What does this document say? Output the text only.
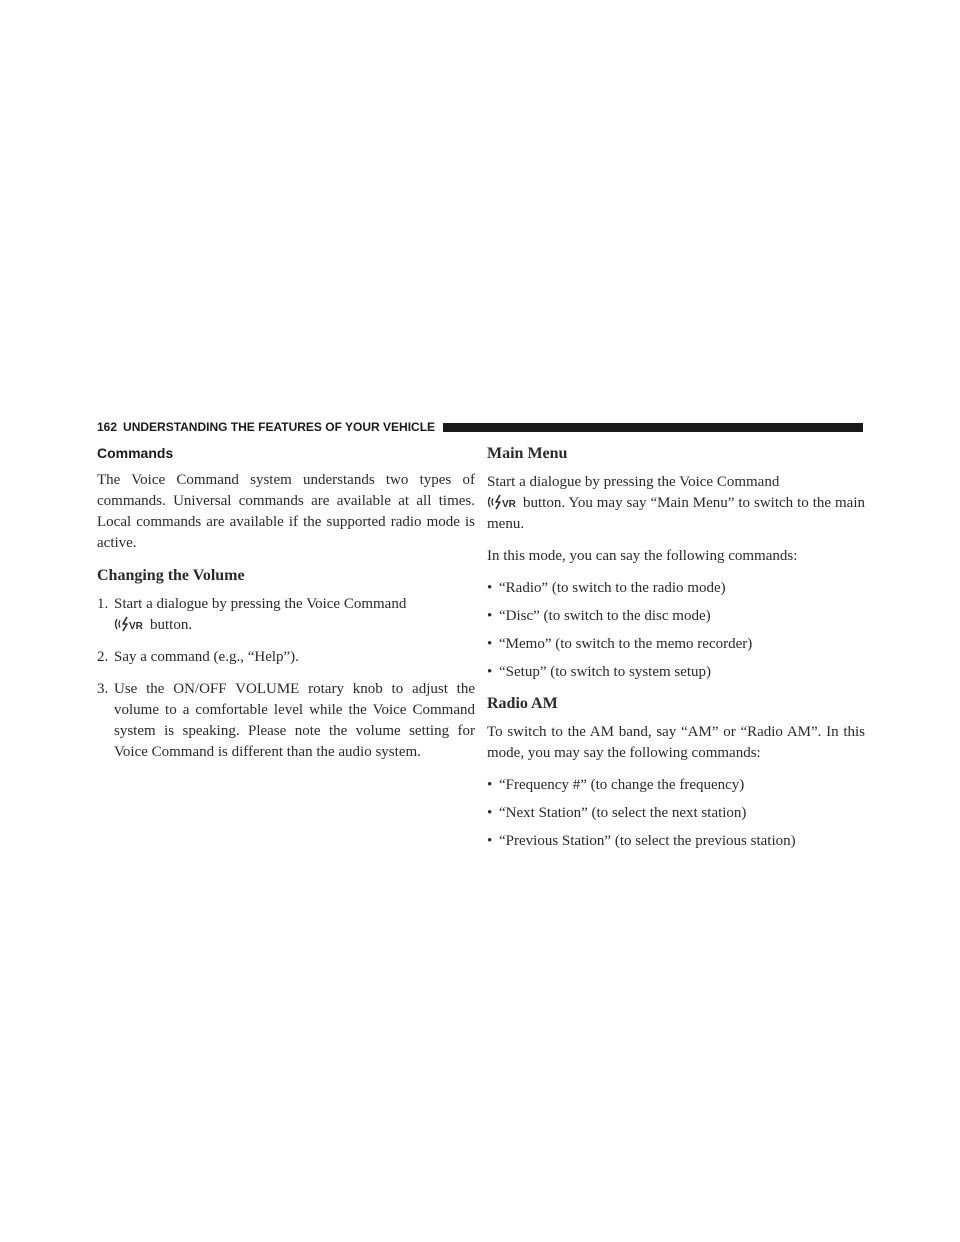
162 UNDERSTANDING THE FEATURES OF YOUR VEHICLE
Commands

The Voice Command system understands two types of commands. Universal commands are available at all times. Local commands are available if the supported radio mode is active.

Changing the Volume
1. Start a dialogue by pressing the Voice Command

VR button.
2. Say a command (e.g., “Help”).
3. Use the ON/OFF VOLUME rotary knob to adjust the volume to a comfortable level while the Voice Command system is speaking. Please note the volume setting for Voice Command is different than the audio system.
Main Menu

Start a dialogue by pressing the Voice Command

VR button. You may say “Main Menu” to switch to the main menu.

In this mode, you can say the following commands:

• “Radio” (to switch to the radio mode)
• “Disc” (to switch to the disc mode)
• “Memo” (to switch to the memo recorder)
• “Setup” (to switch to system setup)
Radio AM

To switch to the AM band, say “AM” or “Radio AM”. In this mode, you may say the following commands:

• “Frequency #” (to change the frequency)
• “Next Station” (to select the next station)
• “Previous Station” (to select the previous station)
